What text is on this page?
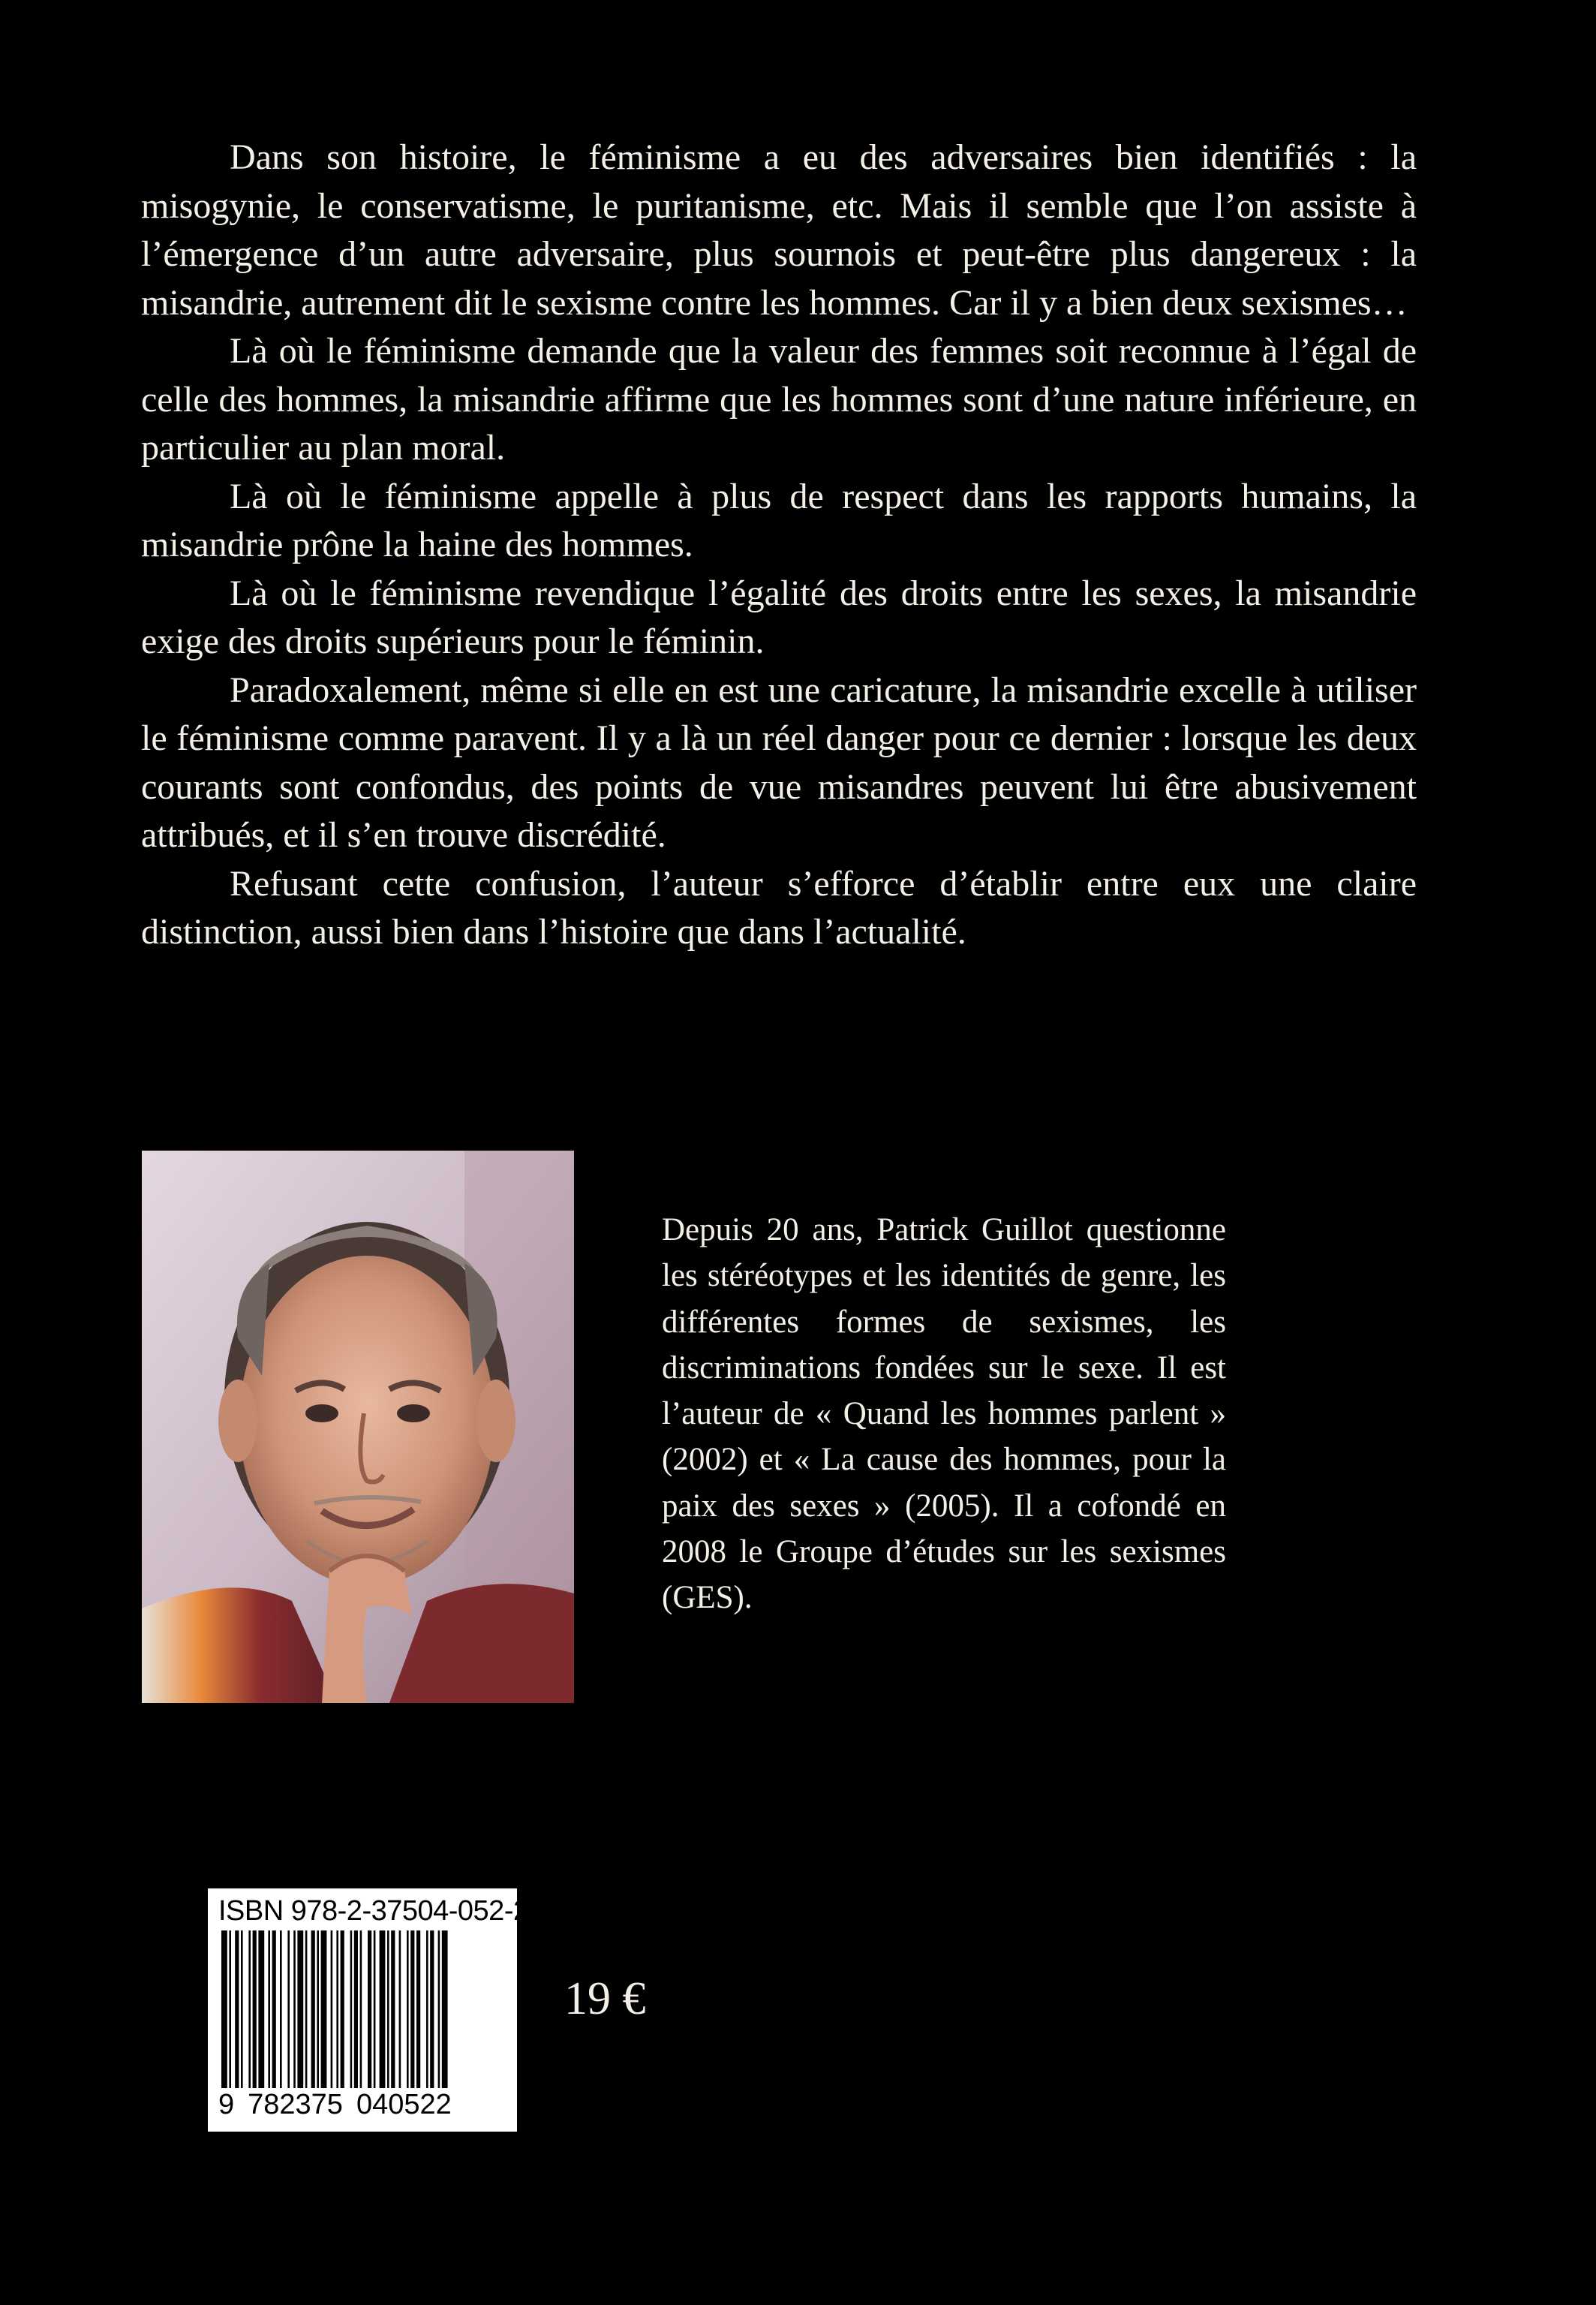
Dans son histoire, le féminisme a eu des adversaires bien identifiés : la misogynie, le conservatisme, le puritanisme, etc. Mais il semble que l’on assiste à l’émergence d’un autre adversaire, plus sournois et peut-être plus dangereux : la misandrie, autrement dit le sexisme contre les hommes. Car il y a bien deux sexismes…

Là où le féminisme demande que la valeur des femmes soit reconnue à l’égal de celle des hommes, la misandrie affirme que les hommes sont d’une nature inférieure, en particulier au plan moral.

Là où le féminisme appelle à plus de respect dans les rapports humains, la misandrie prône la haine des hommes.

Là où le féminisme revendique l’égalité des droits entre les sexes, la misandrie exige des droits supérieurs pour le féminin.

Paradoxalement, même si elle en est une caricature, la misandrie excelle à utiliser le féminisme comme paravent. Il y a là un réel danger pour ce dernier : lorsque les deux courants sont confondus, des points de vue misandres peuvent lui être abusivement attribués, et il s’en trouve discrédité.

Refusant cette confusion, l’auteur s’efforce d’établir entre eux une claire distinction, aussi bien dans l’histoire que dans l’actualité.

Depuis 20 ans, Patrick Guillot questionne les stéréotypes et les identités de genre, les différentes formes de sexismes, les discriminations fondées sur le sexe. Il est l’auteur de « Quand les hommes parlent » (2002) et « La cause des hommes, pour la paix des sexes » (2005). Il a cofondé en 2008 le Groupe d’études sur les sexismes (GES).

ISBN 978-2-37504-052-2
9 782375 040522
19 €
